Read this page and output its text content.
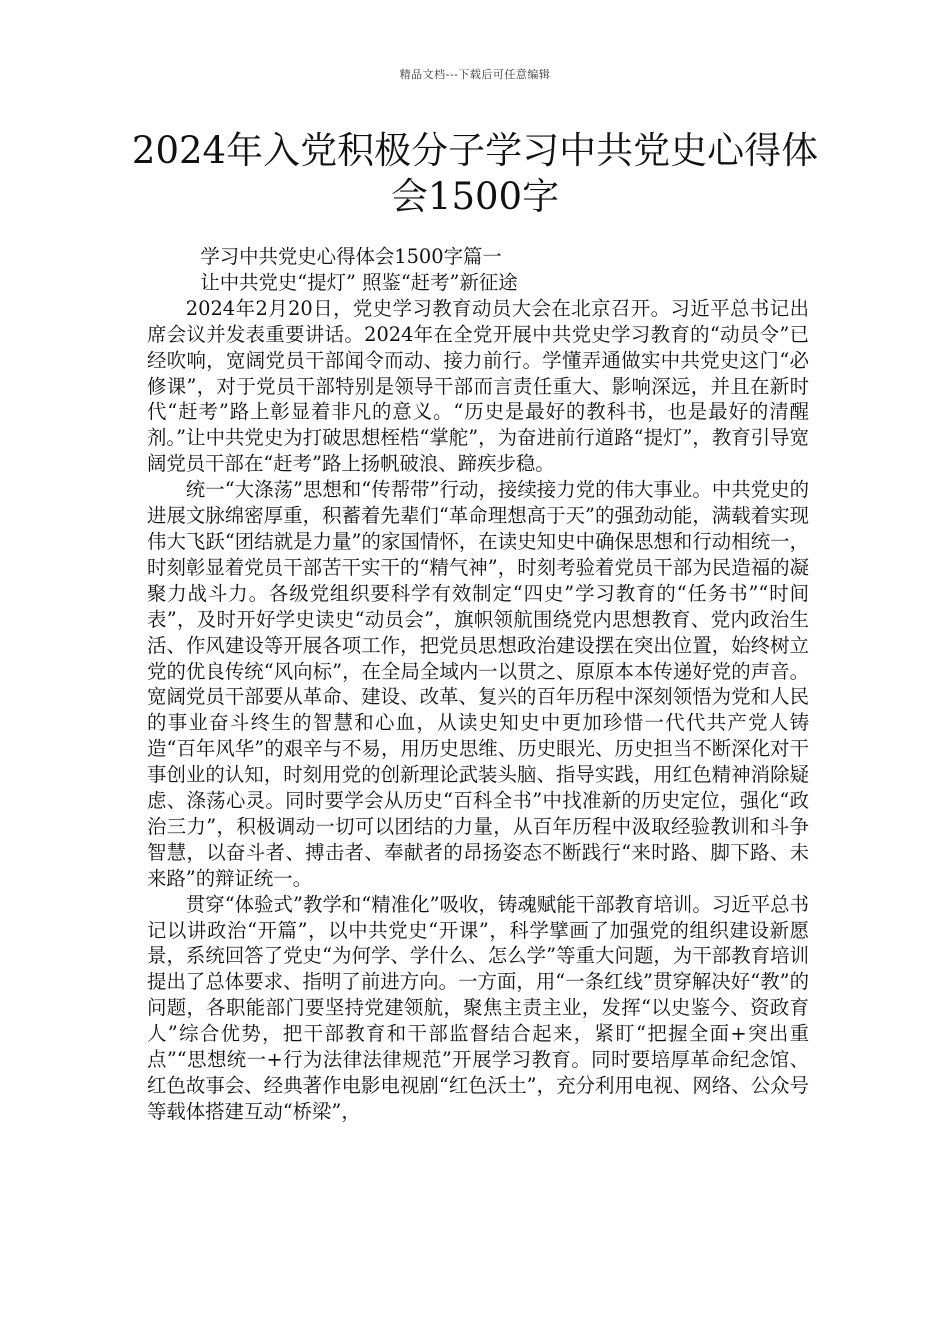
精品文档---下载后可任意编辑
2024年入党积极分子学习中共党史心得体
会1500字

学习中共党史心得体会1500字篇一

让中共党史“提灯” 照鉴“赶考”新征途

2024年2月20日，党史学习教育动员大会在北京召开。习近平总书记出席会议并发表重要讲话。2024年在全党开展中共党史学习教育的“动员令”已经吹响，宽阔党员干部闻令而动、接力前行。学懂弄通做实中共党史这门“必修课”，对于党员干部特别是领导干部而言责任重大、影响深远，并且在新时代“赶考”路上彰显着非凡的意义。“历史是最好的教科书，也是最好的清醒剂。”让中共党史为打破思想桎梏“掌舵”，为奋进前行道路“提灯”，教育引导宽阔党员干部在“赶考”路上扬帆破浪、蹄疾步稳。

统一“大涤荡”思想和“传帮带”行动，接续接力党的伟大事业。中共党史的进展文脉绵密厚重，积蓄着先辈们“革命理想高于天”的强劲动能，满载着实现伟大飞跃“团结就是力量”的家国情怀，在读史知史中确保思想和行动相统一，时刻彰显着党员干部苦干实干的“精气神”，时刻考验着党员干部为民造福的凝聚力战斗力。各级党组织要科学有效制定“四史”学习教育的“任务书”“时间表”，及时开好学史读史“动员会”，旗帜领航围绕党内思想教育、党内政治生活、作风建设等开展各项工作，把党员思想政治建设摆在突出位置，始终树立党的优良传统“风向标”，在全局全域内一以贯之、原原本本传递好党的声音。宽阔党员干部要从革命、建设、改革、复兴的百年历程中深刻领悟为党和人民的事业奋斗终生的智慧和心血，从读史知史中更加珍惜一代代共产党人铸造“百年风华”的艰辛与不易，用历史思维、历史眼光、历史担当不断深化对干事创业的认知，时刻用党的创新理论武装头脑、指导实践，用红色精神消除疑虑、涤荡心灵。同时要学会从历史“百科全书”中找准新的历史定位，强化“政治三力”，积极调动一切可以团结的力量，从百年历程中汲取经验教训和斗争智慧，以奋斗者、搏击者、奉献者的昂扬姿态不断践行“来时路、脚下路、未来路”的辩证统一。

贯穿“体验式”教学和“精准化”吸收，铸魂赋能干部教育培训。习近平总书记以讲政治“开篇”，以中共党史“开课”，科学擘画了加强党的组织建设新愿景，系统回答了党史“为何学、学什么、怎么学”等重大问题，为干部教育培训提出了总体要求、指明了前进方向。一方面，用“一条红线”贯穿解决好“教”的问题，各职能部门要坚持党建领航，聚焦主责主业，发挥“以史鉴今、资政育人”综合优势，把干部教育和干部监督结合起来，紧盯“把握全面+突出重点”“思想统一+行为法律法律规范”开展学习教育。同时要培厚革命纪念馆、红色故事会、经典著作电影电视剧“红色沃土”，充分利用电视、网络、公众号等载体搭建互动“桥梁”，
